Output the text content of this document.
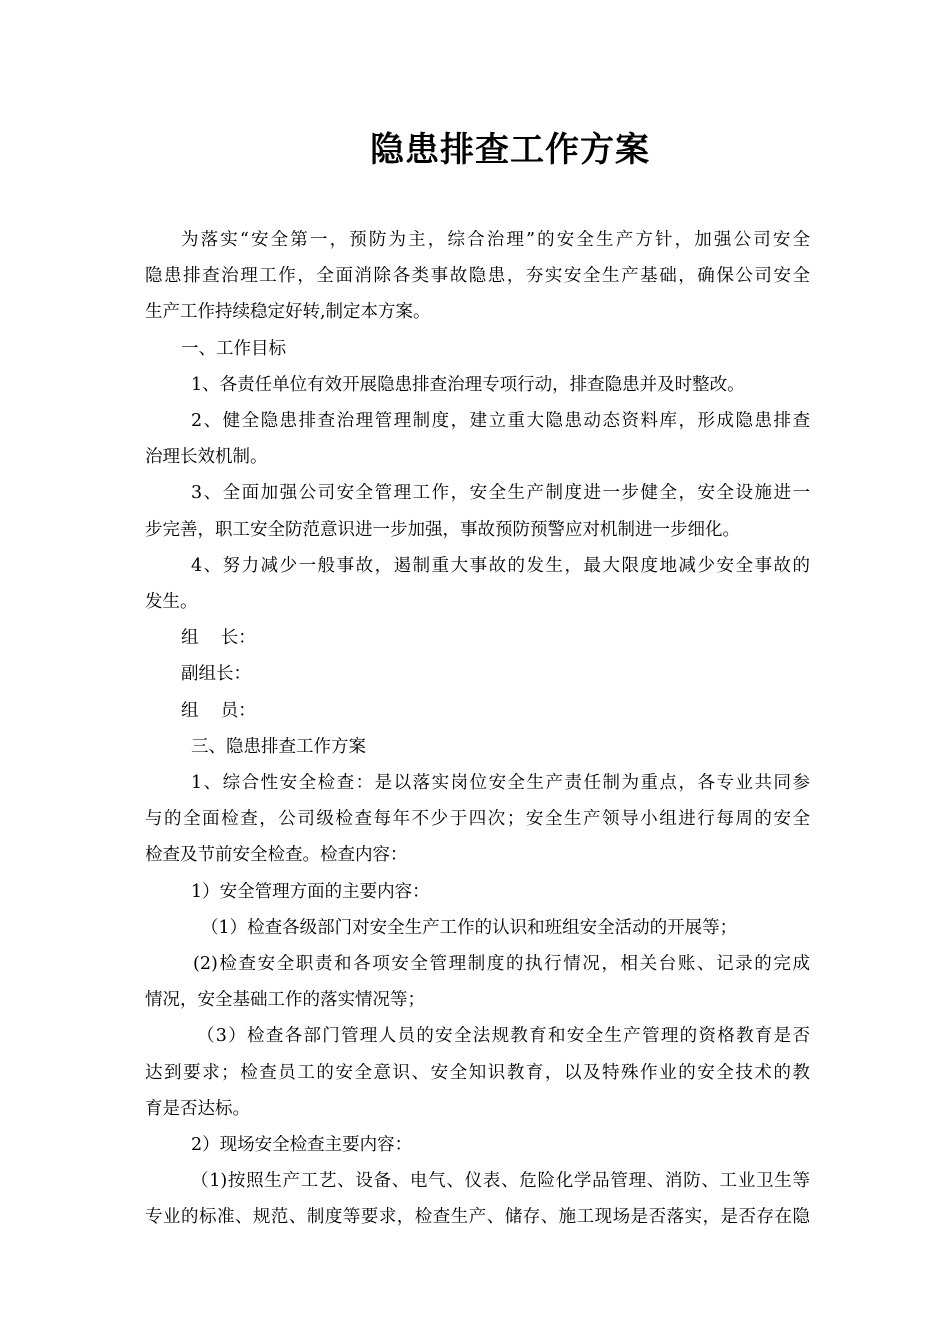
隐患排查工作方案

为落实“安全第一，预防为主，综合治理”的安全生产方针，加强公司安全

隐患排查治理工作，全面消除各类事故隐患，夯实安全生产基础，确保公司安全

生产工作持续稳定好转,制定本方案。

一、工作目标

1、各责任单位有效开展隐患排查治理专项行动，排查隐患并及时整改。

2、健全隐患排查治理管理制度，建立重大隐患动态资料库，形成隐患排查

治理长效机制。

3、全面加强公司安全管理工作，安全生产制度进一步健全，安全设施进一

步完善，职工安全防范意识进一步加强，事故预防预警应对机制进一步细化。

4、努力减少一般事故，遏制重大事故的发生，最大限度地减少安全事故的

发生。

组    长：

副组长：

组    员：

三、隐患排查工作方案

1、综合性安全检查：是以落实岗位安全生产责任制为重点，各专业共同参

与的全面检查，公司级检查每年不少于四次；安全生产领导小组进行每周的安全

检查及节前安全检查。检查内容：

1）安全管理方面的主要内容：

（1）检查各级部门对安全生产工作的认识和班组安全活动的开展等；

(2)检查安全职责和各项安全管理制度的执行情况，相关台账、记录的完成

情况，安全基础工作的落实情况等；

（3）检查各部门管理人员的安全法规教育和安全生产管理的资格教育是否

达到要求；检查员工的安全意识、安全知识教育，以及特殊作业的安全技术的教

育是否达标。

2）现场安全检查主要内容：

（1)按照生产工艺、设备、电气、仪表、危险化学品管理、消防、工业卫生等

专业的标准、规范、制度等要求，检查生产、储存、施工现场是否落实，是否存在隐
